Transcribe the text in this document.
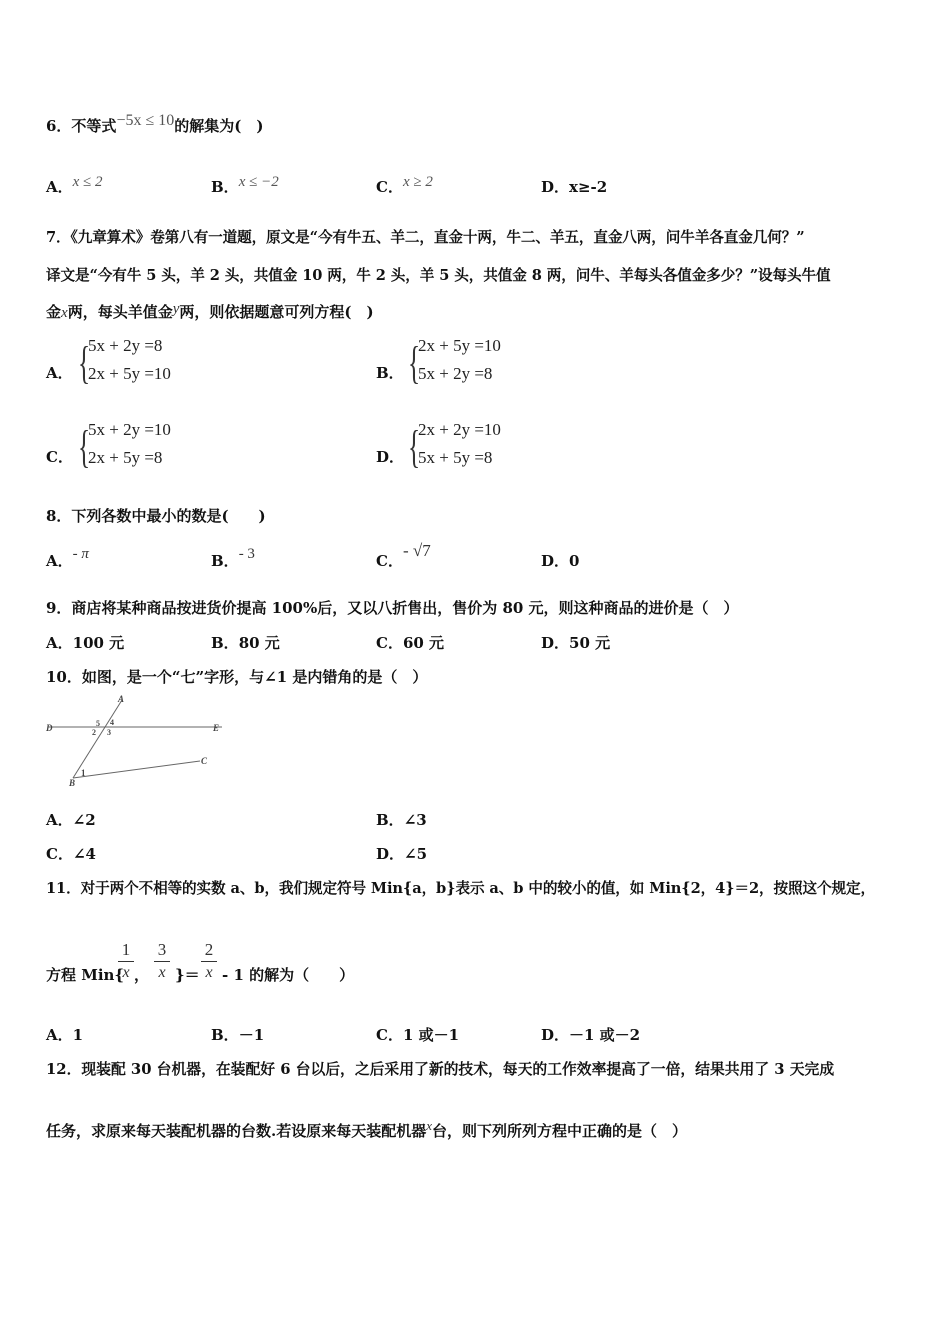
6．不等式−5x ≤ 10的解集为(　)
A．x ≤ 2	B．x ≤ −2	C．x ≥ 2	D．x≥-2
7．《九章算术》卷第八有一道题，原文是“今有牛五、羊二，直金十两，牛二、羊五，直金八两，问牛羊各直金几何？”
译文是“今有牛 5 头，羊 2 头，共值金 10 两，牛 2 头，羊 5 头，共值金 8 两，问牛、羊每头各值金多少？”设每头牛值
金x两，每头羊值金y两，则依据题意可列方程(　)
A． {
5x + 2y =8
2x + 5y =10	B． {
2x + 5y =10
5x + 2y =8
C． {
5x + 2y =10
2x + 5y =8	D． {
2x + 2y =10
5x + 5y =8
8．下列各数中最小的数是(　　)
A．- π	B．- 3	C．- √7
D．0
9．商店将某种商品按进货价提高 100%后，又以八折售出，售价为 80 元，则这种商品的进价是（　）
A．100 元	B．80 元	C．60 元	D．50 元
10．如图，是一个“七”字形，与∠1 是内错角的是（　）
A
D	E
C
B
1
2 3
4
5
A．∠2	B．∠3
C．∠4	D．∠5
11．对于两个不相等的实数 a、b，我们规定符号 Min{a，b}表示 a、b 中的较小的值，如 Min{2，4}＝2，按照这个规定，
方程 Min{
1
x ，
3
x }＝
2
x - 1 的解为（　　）
A．1	B．－1	C．1 或－1	D．－1 或－2
12．现装配 30 台机器，在装配好 6 台以后，之后采用了新的技术，每天的工作效率提高了一倍，结果共用了 3 天完成
任务，求原来每天装配机器的台数.若设原来每天装配机器x台，则下列所列方程中正确的是（　）
